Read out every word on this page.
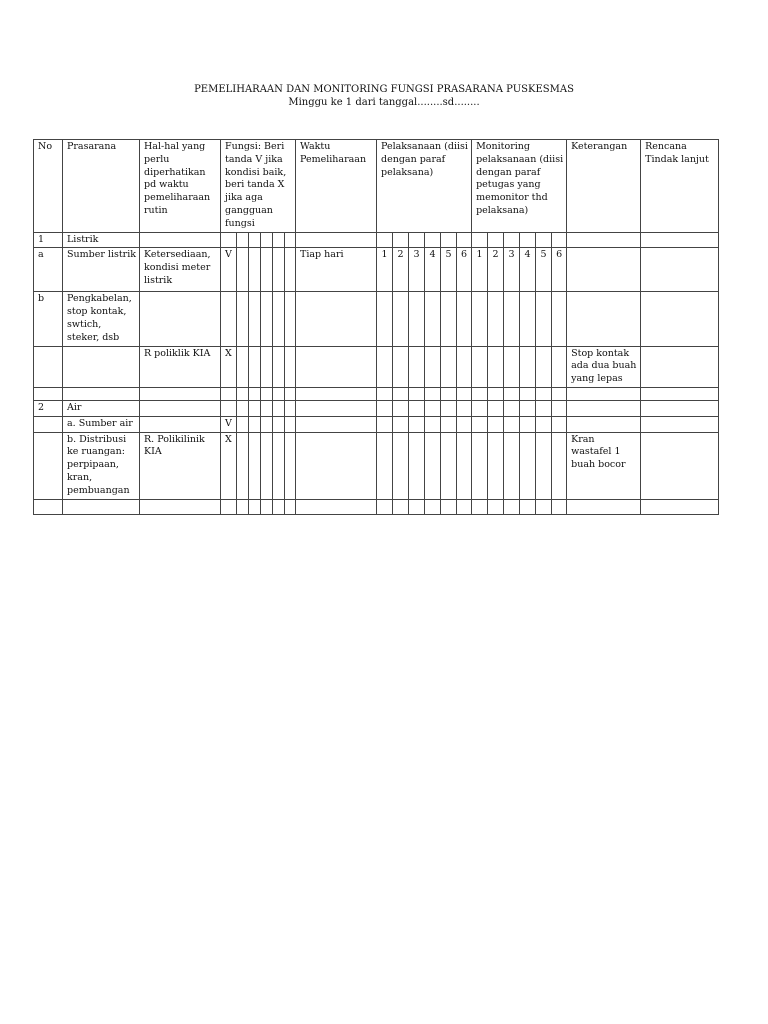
PEMELIHARAAN DAN MONITORING FUNGSI PRASARANA PUSKESMAS
Minggu ke 1 dari tanggal........sd........
No	Prasarana	Hal-hal yang perlu diperhatikan pd waktu pemeliharaan rutin	Fungsi: Beri tanda V jika kondisi baik, beri tanda X jika aga gangguan fungsi						Waktu Pemeliharaan	Pelaksanaan (diisi dengan paraf pelaksana)						Monitoring pelaksanaan (diisi dengan paraf petugas yang memonitor thd pelaksana)						Keterangan	Rencana Tindak lanjut
1	Listrik																						
a	Sumber listrik	Ketersediaan, kondisi meter listrik	V						Tiap hari	1	2	3	4	5	6	1	2	3	4	5	6		
b	Pengkabelan, stop kontak, swtich, steker, dsb																						
		R poliklik KIA	X																			Stop kontak ada dua buah yang lepas	

2	Air																						
	a. Sumber air		V																				
	b. Distribusi ke ruangan: perpipaan, kran, pembuangan	R. Polikilinik KIA	X																			Kran wastafel 1 buah bocor	
